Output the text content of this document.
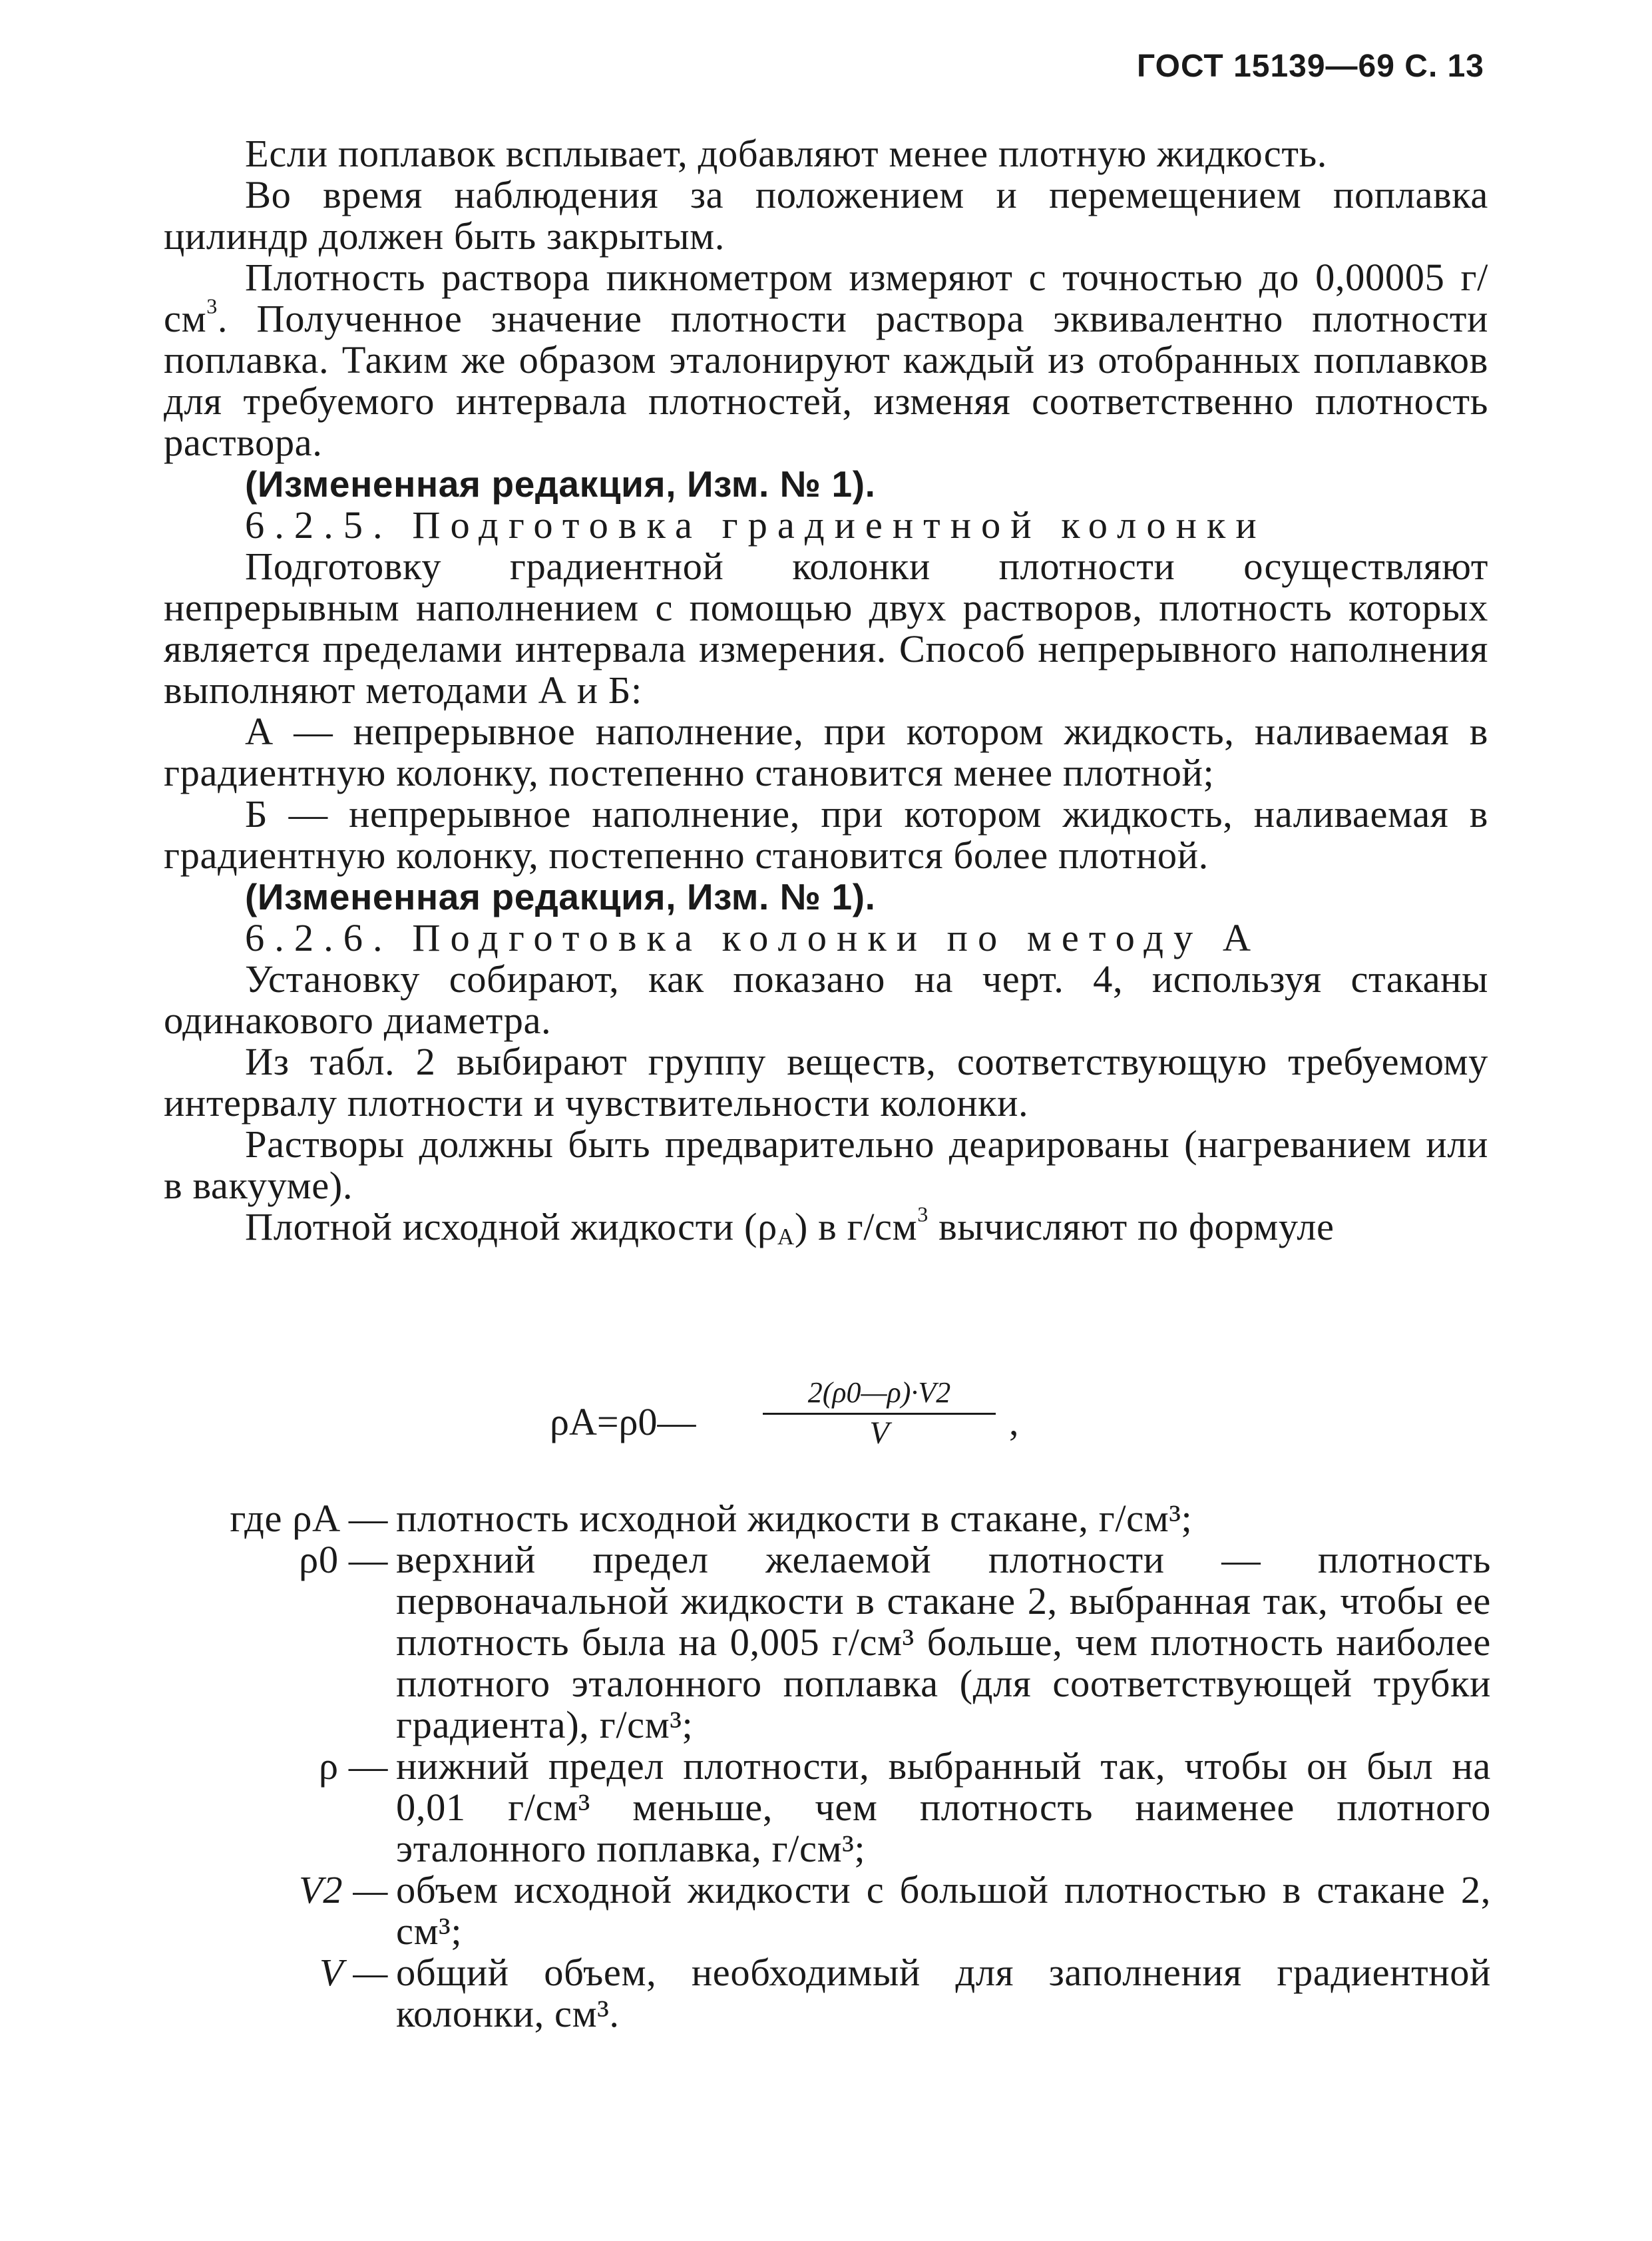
ГОСТ 15139—69 С. 13

Если поплавок всплывает, добавляют менее плотную жидкость.

Во время наблюдения за положением и перемещением поплавка цилиндр должен быть закрытым.

Плотность раствора пикнометром измеряют с точностью до 0,00005 $г/см^3$. Полученное значение плотности раствора эквивалентно плотности поплавка. Таким же образом эталонируют каждый из отобранных поплавков для требуемого интервала плотностей, изменяя соответственно плотность раствора.

(Измененная редакция, Изм. № 1).

6.2.5. Подготовка градиентной колонки

Подготовку градиентной колонки плотности осуществляют непрерывным наполнением с помощью двух растворов, плотность которых является пределами интервала измерения. Способ непрерывного наполнения выполняют методами А и Б:

А — непрерывное наполнение, при котором жидкость, наливаемая в градиентную колонку, постепенно становится менее плотной;

Б — непрерывное наполнение, при котором жидкость, наливаемая в градиентную колонку, постепенно становится более плотной.

(Измененная редакция, Изм. № 1).

6.2.6. Подготовка колонки по методу А

Установку собирают, как показано на черт. 4, используя стаканы одинакового диаметра.

Из табл. 2 выбирают группу веществ, соответствующую требуемому интервалу плотности и чувствительности колонки.

Растворы должны быть предварительно деарированы (нагреванием или в вакууме).

Плотной исходной жидкости $(\rho_A)$ в $г/см^3$ вычисляют по формуле

ρA=ρ0—
2(ρ0—ρ)·V2
V	,
где ρA — плотность исходной жидкости в стакане, г/см³;
ρ0 — верхний предел желаемой плотности — плотность первоначальной жидкости в стакане 2, выбранная так, чтобы ее плотность была на 0,005 г/см³ больше, чем плотность наиболее плотного эталонного поплавка (для соответствующей трубки градиента), г/см³;
ρ — нижний предел плотности, выбранный так, чтобы он был на 0,01 г/см³ меньше, чем плотность наименее плотного эталонного поплавка, г/см³;
V2 — объем исходной жидкости с большой плотностью в стакане 2, см³;
V — общий объем, необходимый для заполнения градиентной колонки, см³.
